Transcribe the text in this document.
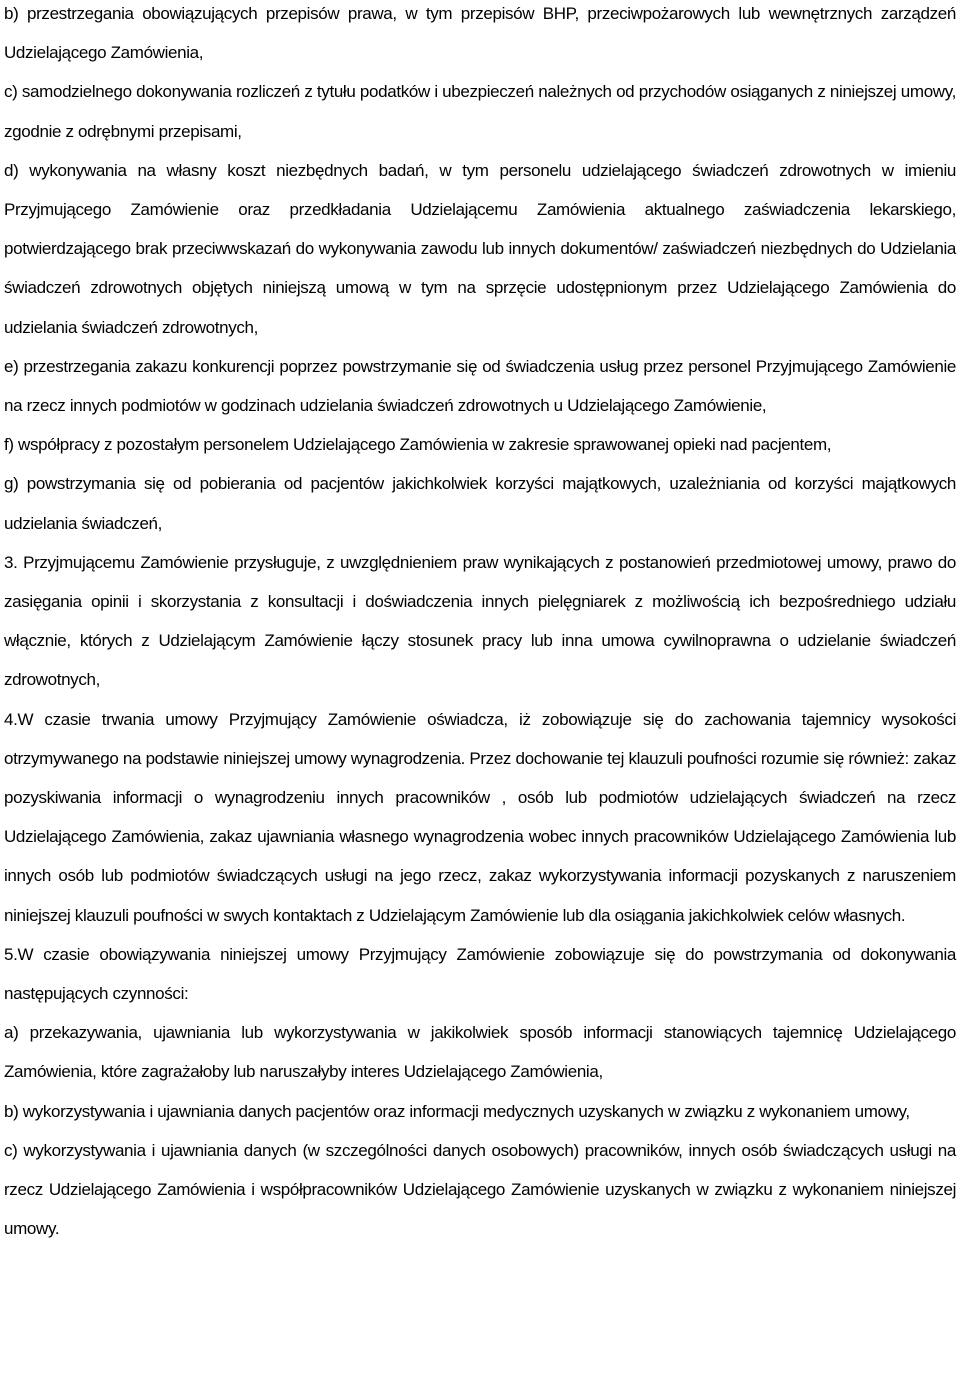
b) przestrzegania obowiązujących przepisów prawa, w tym przepisów BHP, przeciwpożarowych lub wewnętrznych zarządzeń Udzielającego Zamówienia,
c) samodzielnego dokonywania rozliczeń z tytułu podatków i ubezpieczeń należnych od przychodów osiąganych z niniejszej umowy, zgodnie z odrębnymi przepisami,
d) wykonywania na własny koszt niezbędnych badań, w tym personelu udzielającego świadczeń zdrowotnych w imieniu Przyjmującego Zamówienie oraz przedkładania Udzielającemu Zamówienia aktualnego zaświadczenia lekarskiego, potwierdzającego brak przeciwwskazań do wykonywania zawodu lub innych dokumentów/ zaświadczeń niezbędnych do Udzielania świadczeń zdrowotnych objętych niniejszą umową w tym na sprzęcie udostępnionym przez Udzielającego Zamówienia do udzielania świadczeń zdrowotnych,
e) przestrzegania zakazu konkurencji poprzez powstrzymanie się od świadczenia usług przez personel Przyjmującego Zamówienie na rzecz innych podmiotów w godzinach udzielania świadczeń zdrowotnych u Udzielającego Zamówienie,
f) współpracy z pozostałym personelem Udzielającego Zamówienia w zakresie sprawowanej opieki nad pacjentem,
g) powstrzymania się od pobierania od pacjentów jakichkolwiek korzyści majątkowych, uzależniania od korzyści majątkowych udzielania świadczeń,
3. Przyjmującemu Zamówienie przysługuje, z uwzględnieniem praw wynikających z postanowień przedmiotowej umowy, prawo do zasięgania opinii i skorzystania z konsultacji i doświadczenia innych pielęgniarek z możliwością ich bezpośredniego udziału włącznie, których z Udzielającym Zamówienie łączy stosunek pracy lub inna umowa cywilnoprawna o udzielanie świadczeń zdrowotnych,
4.W czasie trwania umowy Przyjmujący Zamówienie oświadcza, iż zobowiązuje się do zachowania tajemnicy wysokości otrzymywanego na podstawie niniejszej umowy wynagrodzenia. Przez dochowanie tej klauzuli poufności rozumie się również: zakaz pozyskiwania informacji o wynagrodzeniu innych pracowników , osób lub podmiotów udzielających świadczeń na rzecz Udzielającego Zamówienia, zakaz ujawniania własnego wynagrodzenia wobec innych pracowników Udzielającego Zamówienia lub innych osób lub podmiotów świadczących usługi na jego rzecz, zakaz wykorzystywania informacji pozyskanych z naruszeniem niniejszej klauzuli poufności w swych kontaktach z Udzielającym Zamówienie lub dla osiągania jakichkolwiek celów własnych.
5.W czasie obowiązywania niniejszej umowy Przyjmujący Zamówienie zobowiązuje się do powstrzymania od dokonywania następujących czynności:
a) przekazywania, ujawniania lub wykorzystywania w jakikolwiek sposób informacji stanowiących tajemnicę Udzielającego Zamówienia, które zagrażałoby lub naruszałyby interes Udzielającego Zamówienia,
b) wykorzystywania i ujawniania danych pacjentów oraz informacji medycznych uzyskanych w związku z wykonaniem umowy,
c) wykorzystywania i ujawniania danych (w szczególności danych osobowych) pracowników, innych osób świadczących usługi na rzecz Udzielającego Zamówienia i współpracowników Udzielającego Zamówienie uzyskanych w związku z wykonaniem niniejszej umowy.
